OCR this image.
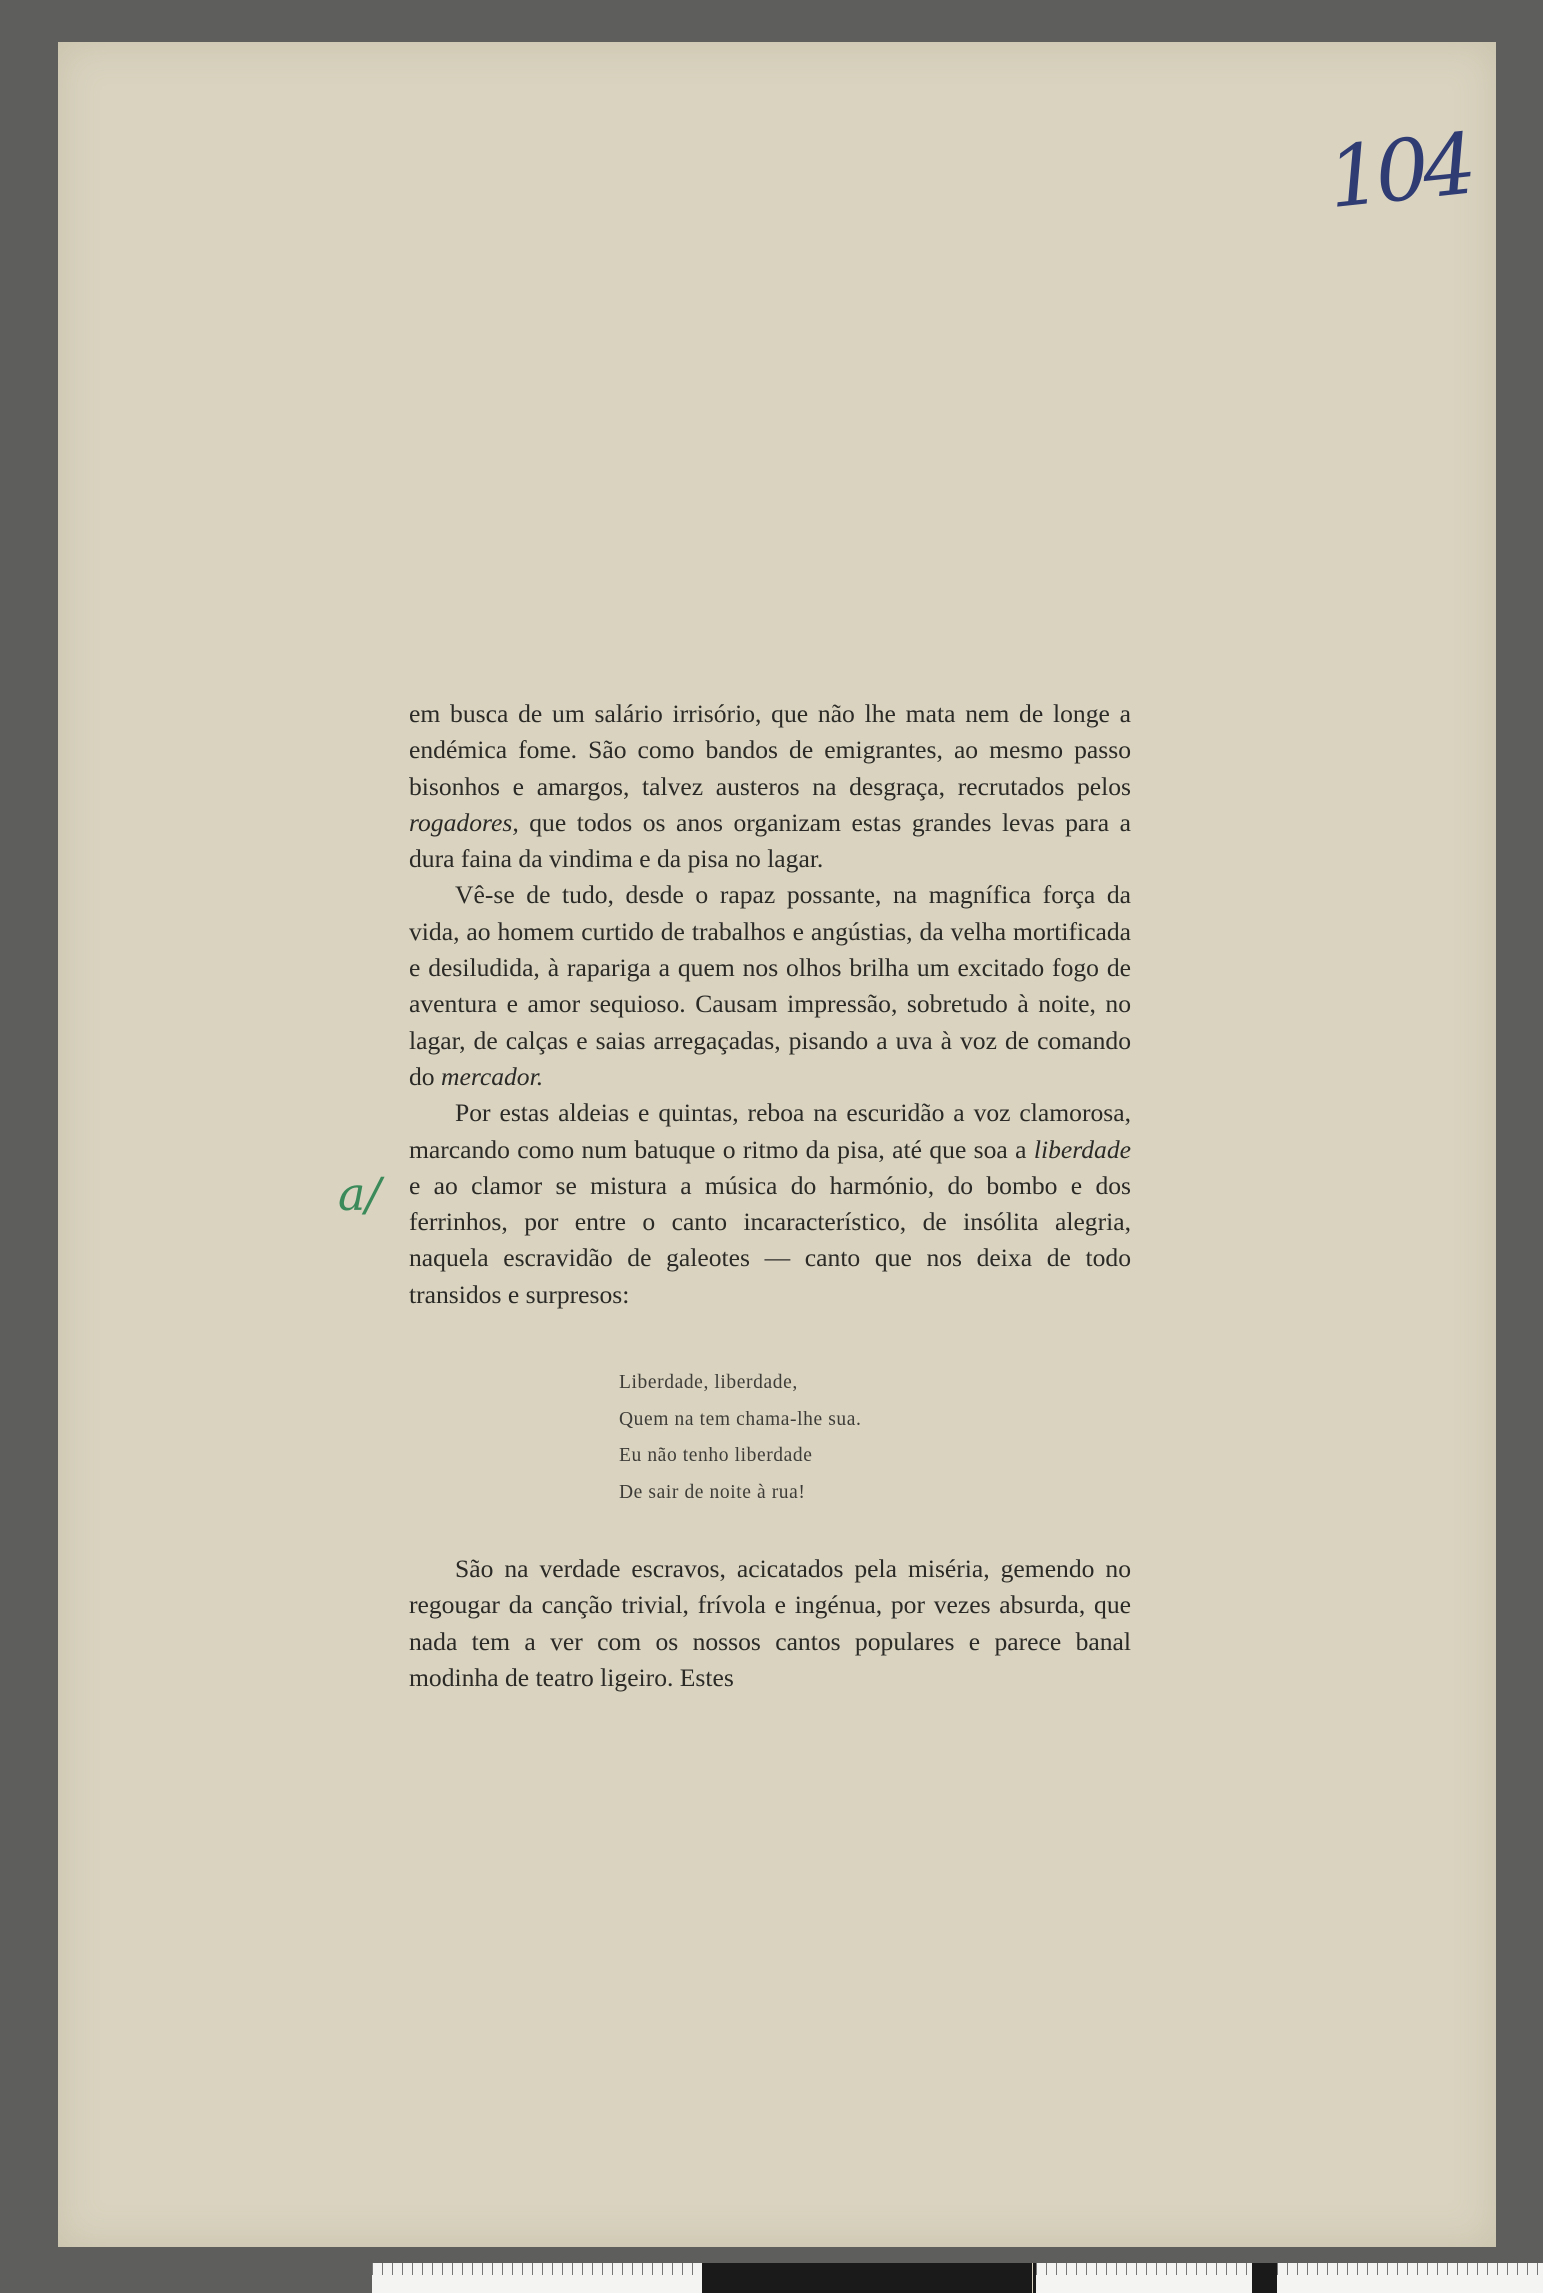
104
a/

em busca de um salário irrisório, que não lhe mata nem de longe a endémica fome. São como bandos de emigrantes, ao mesmo passo bisonhos e amargos, talvez austeros na desgraça, recrutados pelos rogadores, que todos os anos organizam estas grandes levas para a dura faina da vindima e da pisa no lagar.

Vê-se de tudo, desde o rapaz possante, na magnífica força da vida, ao homem curtido de trabalhos e angústias, da velha mortificada e desiludida, à rapariga a quem nos olhos brilha um excitado fogo de aventura e amor sequioso. Causam impressão, sobretudo à noite, no lagar, de calças e saias arregaçadas, pisando a uva à voz de comando do mercador.

Por estas aldeias e quintas, reboa na escuridão a voz clamorosa, marcando como num batuque o ritmo da pisa, até que soa a liberdade e ao clamor se mistura a música do harmónio, do bombo e dos ferrinhos, por entre o canto incaracterístico, de insólita alegria, naquela escravidão de galeotes — canto que nos deixa de todo transidos e surpresos:

Liberdade, liberdade,
Quem na tem chama-lhe sua.
Eu não tenho liberdade
De sair de noite à rua!

São na verdade escravos, acicatados pela miséria, gemendo no regougar da canção trivial, frívola e ingénua, por vezes absurda, que nada tem a ver com os nossos cantos populares e parece banal modinha de teatro ligeiro. Estes
